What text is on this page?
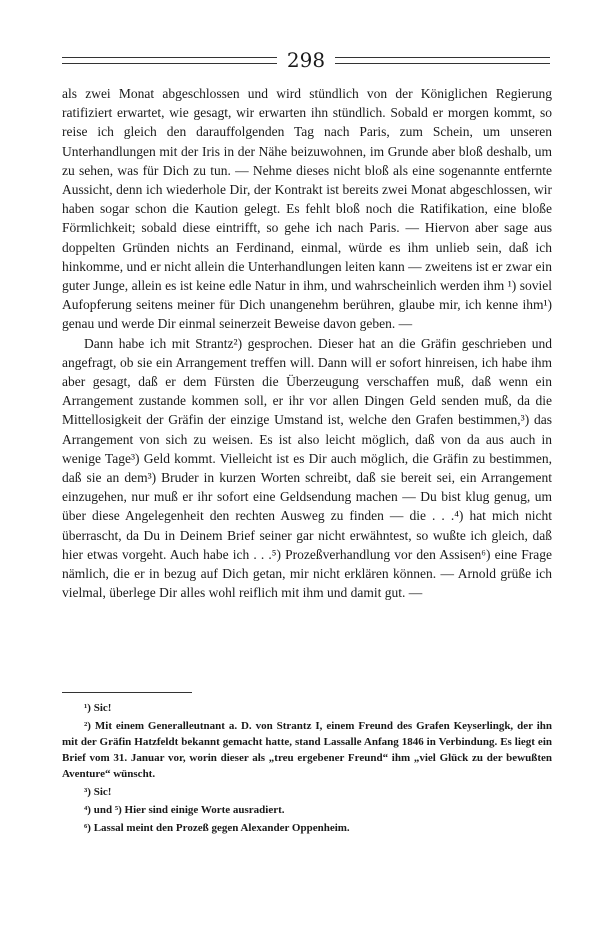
298

als zwei Monat abgeschlossen und wird stündlich von der Königlichen Regierung ratifiziert erwartet, wie gesagt, wir erwarten ihn stündlich. Sobald er morgen kommt, so reise ich gleich den darauffolgenden Tag nach Paris, zum Schein, um unseren Unterhandlungen mit der Iris in der Nähe beizuwohnen, im Grunde aber bloß deshalb, um zu sehen, was für Dich zu tun. — Nehme dieses nicht bloß als eine sogenannte entfernte Aussicht, denn ich wiederhole Dir, der Kontrakt ist bereits zwei Monat abgeschlossen, wir haben sogar schon die Kaution gelegt. Es fehlt bloß noch die Ratifikation, eine bloße Förmlichkeit; sobald diese eintrifft, so gehe ich nach Paris. — Hiervon aber sage aus doppelten Gründen nichts an Ferdinand, einmal, würde es ihm unlieb sein, daß ich hinkomme, und er nicht allein die Unterhandlungen leiten kann — zweitens ist er zwar ein guter Junge, allein es ist keine edle Natur in ihm, und wahrscheinlich werden ihm ¹) soviel Aufopferung seitens meiner für Dich unangenehm berühren, glaube mir, ich kenne ihm¹) genau und werde Dir einmal seinerzeit Beweise davon geben. —

Dann habe ich mit Strantz²) gesprochen. Dieser hat an die Gräfin geschrieben und angefragt, ob sie ein Arrangement treffen will. Dann will er sofort hinreisen, ich habe ihm aber gesagt, daß er dem Fürsten die Überzeugung verschaffen muß, daß wenn ein Arrangement zustande kommen soll, er ihr vor allen Dingen Geld senden muß, da die Mittellosigkeit der Gräfin der einzige Umstand ist, welche den Grafen bestimmen,³) das Arrangement von sich zu weisen. Es ist also leicht möglich, daß von da aus auch in wenige Tage³) Geld kommt. Vielleicht ist es Dir auch möglich, die Gräfin zu bestimmen, daß sie an dem³) Bruder in kurzen Worten schreibt, daß sie bereit sei, ein Arrangement einzugehen, nur muß er ihr sofort eine Geldsendung machen — Du bist klug genug, um über diese Angelegenheit den rechten Ausweg zu finden — die . . .⁴) hat mich nicht überrascht, da Du in Deinem Brief seiner gar nicht erwähntest, so wußte ich gleich, daß hier etwas vorgeht. Auch habe ich . . .⁵) Prozeßverhandlung vor den Assisen⁶) eine Frage nämlich, die er in bezug auf Dich getan, mir nicht erklären können. — Arnold grüße ich vielmal, überlege Dir alles wohl reiflich mit ihm und damit gut. —

¹) Sic!

²) Mit einem Generalleutnant a. D. von Strantz I, einem Freund des Grafen Keyserlingk, der ihn mit der Gräfin Hatzfeldt bekannt gemacht hatte, stand Lassalle Anfang 1846 in Verbindung. Es liegt ein Brief vom 31. Januar vor, worin dieser als „treu ergebener Freund“ ihm „viel Glück zu der bewußten Aventure“ wünscht.

³) Sic!

⁴) und ⁵) Hier sind einige Worte ausradiert.

⁶) Lassal meint den Prozeß gegen Alexander Oppenheim.
